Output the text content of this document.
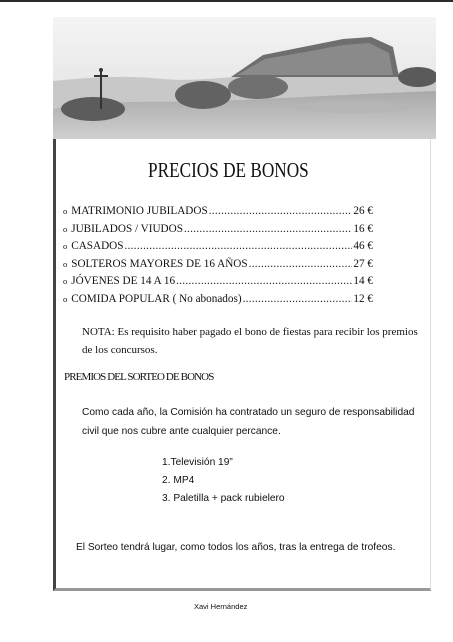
PRECIOS DE BONOS
o MATRIMONIO JUBILADOS .....	26 €
o JUBILADOS / VIUDOS .....	16 €
o CASADOS .....	46 €
o SOLTEROS MAYORES DE 16 AÑOS .....	27 €
o JÓVENES DE 14 A 16 .....	14 €
o COMIDA POPULAR ( No abonados) .....	12 €

NOTA: Es requisito haber pagado el bono de fiestas para recibir los premios de los concursos.

PREMIOS DEL SORTEO DE BONOS

Como cada año, la Comisión ha contratado un seguro de responsabilidad civil que nos cubre ante cualquier percance.

1.Televisión 19”
2. MP4
3. Paletilla + pack rubielero

El Sorteo tendrá lugar, como todos los años, tras la entrega de trofeos.

Xavi Hernández
